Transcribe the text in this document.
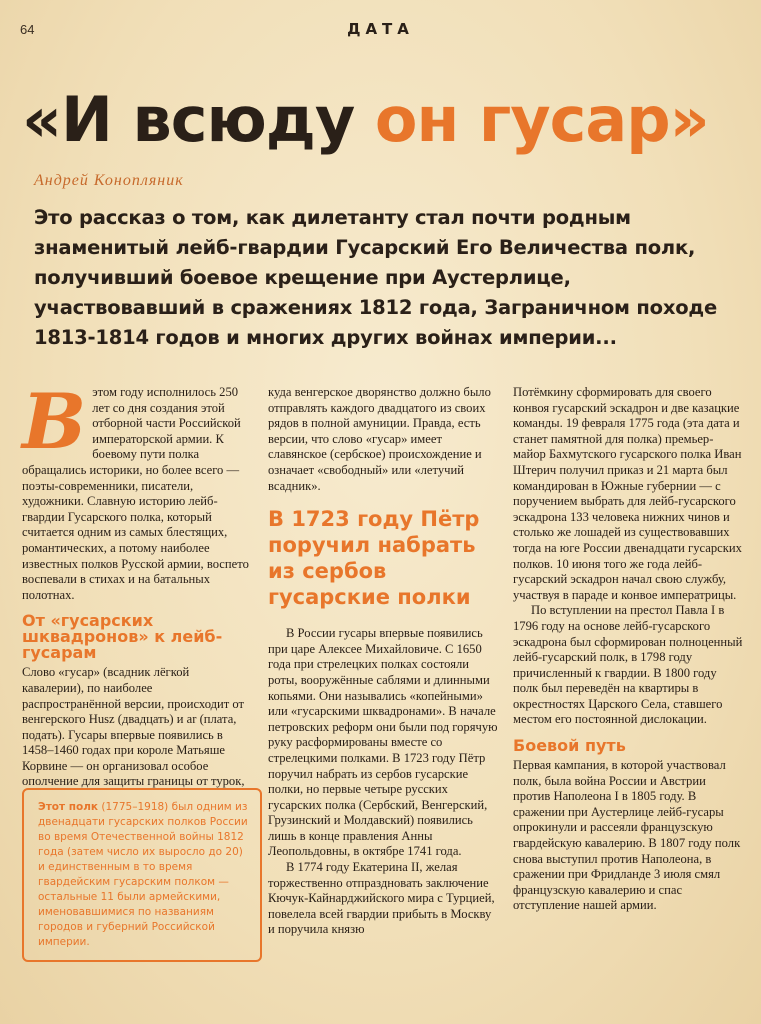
64	ДАТА
«И всюду он гусар»
Андрей Конопляник
Это рассказ о том, как дилетанту стал почти родным знаменитый лейб-гвардии Гусарский Его Величества полк, получивший боевое крещение при Аустерлице, участвовавший в сражениях 1812 года, Заграничном походе 1813-1814 годов и многих других войнах империи...
В этом году исполнилось 250 лет со дня создания этой отборной части Российской императорской армии. К боевому пути полка обращались историки, но более всего — поэты-современники, писатели, художники. Славную историю лейб-гвардии Гусарского полка, который считается одним из самых блестящих, романтических, а потому наиболее известных полков Русской армии, воспето воспевали в стихах и на батальных полотнах.

От «гусарских шквадронов» к лейб-гусарам

Слово «гусар» (всадник лёгкой кавалерии), по наиболее распространённой версии, происходит от венгерского Husz (двадцать) и ar (плата, подать). Гусары впервые появились в 1458–1460 годах при короле Матьяше Корвине — он организовал особое ополчение для защиты границы от турок,

Этот полк (1775–1918) был одним из двенадцати гусарских полков России во время Отечественной войны 1812 года (затем число их выросло до 20) и единственным в то время гвардейским гусарским полком — остальные 11 были армейскими, именовавшимися по названиям городов и губерний Российской империи.

куда венгерское дворянство должно было отправлять каждого двадцатого из своих рядов в полной амуниции. Правда, есть версии, что слово «гусар» имеет славянское (сербское) происхождение и означает «свободный» или «летучий всадник».

В 1723 году Пётр поручил набрать из сербов гусарские полки

В России гусары впервые появились при царе Алексее Михайловиче. С 1650 года при стрелецких полках состояли роты, вооружённые саблями и длинными копьями. Они назывались «копейными» или «гусарскими шквадронами». В начале петровских реформ они были под горячую руку расформированы вместе со стрелецкими полками. В 1723 году Пётр поручил набрать из сербов гусарские полки, но первые четыре русских гусарских полка (Сербский, Венгерский, Грузинский и Молдавский) появились лишь в конце правления Анны Леопольдовны, в октябре 1741 года.

В 1774 году Екатерина II, желая торжественно отпраздновать заключение Кючук-Кайнарджийского мира с Турцией, повелела всей гвардии прибыть в Москву и поручила князю

Потёмкину сформировать для своего конвоя гусарский эскадрон и две казацкие команды. 19 февраля 1775 года (эта дата и станет памятной для полка) премьер-майор Бахмутского гусарского полка Иван Штерич получил приказ и 21 марта был командирован в Южные губернии — с поручением выбрать для лейб-гусарского эскадрона 133 человека нижних чинов и столько же лошадей из существовавших тогда на юге России двенадцати гусарских полков. 10 июня того же года лейб-гусарский эскадрон начал свою службу, участвуя в параде и конвое императрицы.

По вступлении на престол Павла I в 1796 году на основе лейб-гусарского эскадрона был сформирован полноценный лейб-гусарский полк, в 1798 году причисленный к гвардии. В 1800 году полк был переведён на квартиры в окрестностях Царского Села, ставшего местом его постоянной дислокации.

Боевой путь

Первая кампания, в которой участвовал полк, была война России и Австрии против Наполеона I в 1805 году. В сражении при Аустерлице лейб-гусары опрокинули и рассеяли французскую гвардейскую кавалерию. В 1807 году полк снова выступил против Наполеона, в сражении при Фридланде 3 июля смял французскую кавалерию и спас отступление нашей армии.
